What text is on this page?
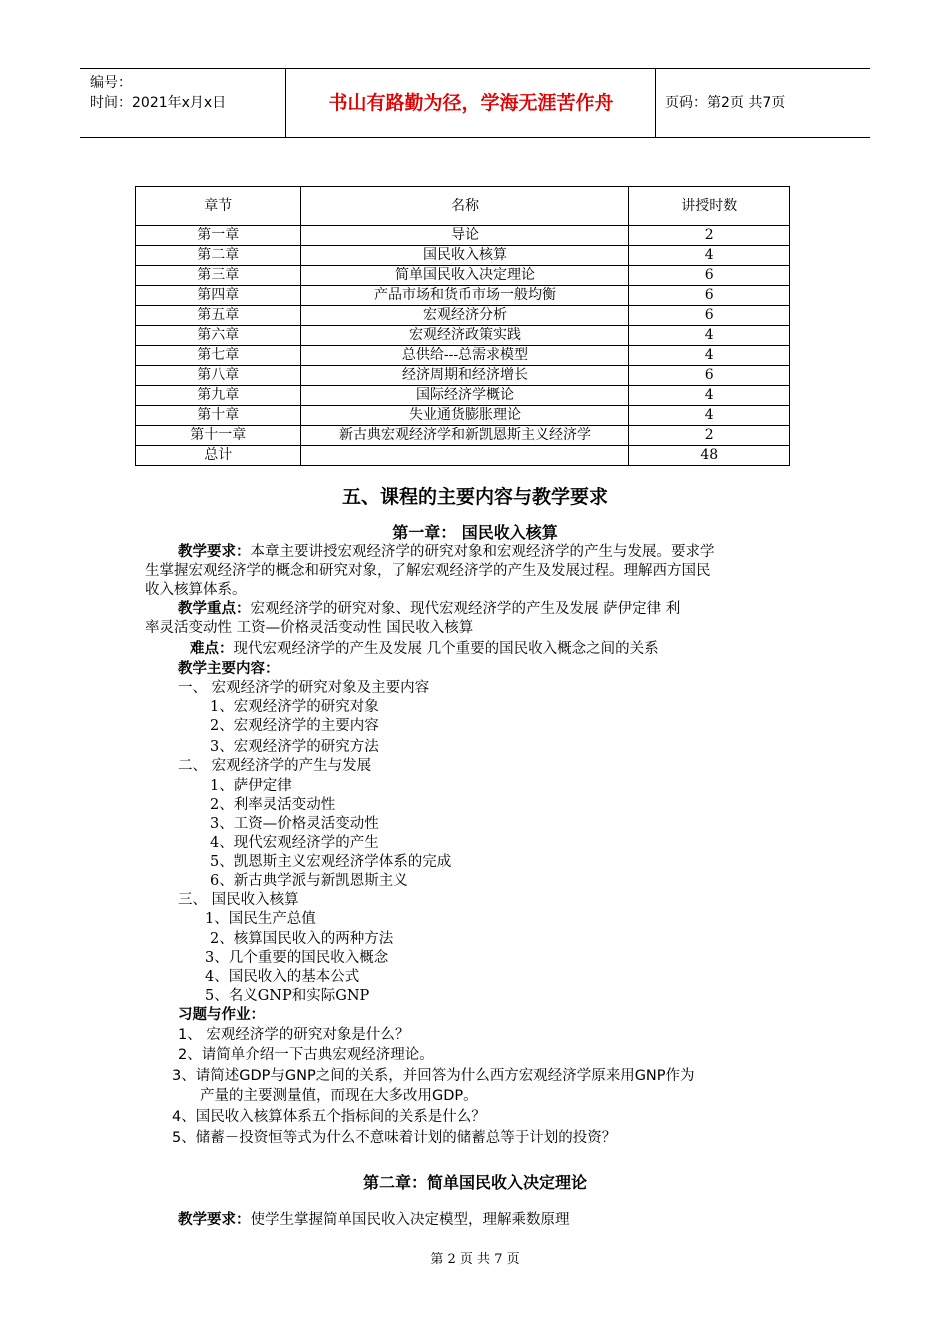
编号：
时间：2021年x月x日	书山有路勤为径，学海无涯苦作舟	页码：第2页 共7页
章节	名称	讲授时数
第一章	导论	2
第二章	国民收入核算	4
第三章	简单国民收入决定理论	6
第四章	产品市场和货币市场一般均衡	6
第五章	宏观经济分析	6
第六章	宏观经济政策实践	4
第七章	总供给---总需求模型	4
第八章	经济周期和经济增长	6
第九章	国际经济学概论	4
第十章	失业通货膨胀理论	4
第十一章	新古典宏观经济学和新凯恩斯主义经济学	2
总计		48
五、课程的主要内容与教学要求
第一章： 国民收入核算
教学要求：本章主要讲授宏观经济学的研究对象和宏观经济学的产生与发展。要求学
生掌握宏观经济学的概念和研究对象，了解宏观经济学的产生及发展过程。理解西方国民
收入核算体系。
教学重点：宏观经济学的研究对象、现代宏观经济学的产生及发展 萨伊定律 利
率灵活变动性 工资—价格灵活变动性 国民收入核算
难点：现代宏观经济学的产生及发展 几个重要的国民收入概念之间的关系
教学主要内容：
一、 宏观经济学的研究对象及主要内容
1、宏观经济学的研究对象
2、宏观经济学的主要内容
3、宏观经济学的研究方法
二、 宏观经济学的产生与发展
1、萨伊定律
2、利率灵活变动性
3、工资—价格灵活变动性
4、现代宏观经济学的产生
5、凯恩斯主义宏观经济学体系的完成
6、新古典学派与新凯恩斯主义
三、 国民收入核算
1、国民生产总值
2、核算国民收入的两种方法
3、几个重要的国民收入概念
4、国民收入的基本公式
5、名义GNP和实际GNP
习题与作业：
1、 宏观经济学的研究对象是什么？
2、请简单介绍一下古典宏观经济理论。
3、请简述GDP与GNP之间的关系，并回答为什么西方宏观经济学原来用GNP作为
产量的主要测量值，而现在大多改用GDP。
4、国民收入核算体系五个指标间的关系是什么？
5、储蓄－投资恒等式为什么不意味着计划的储蓄总等于计划的投资？
第二章：简单国民收入决定理论
教学要求：使学生掌握简单国民收入决定模型，理解乘数原理
第 2 页 共 7 页
